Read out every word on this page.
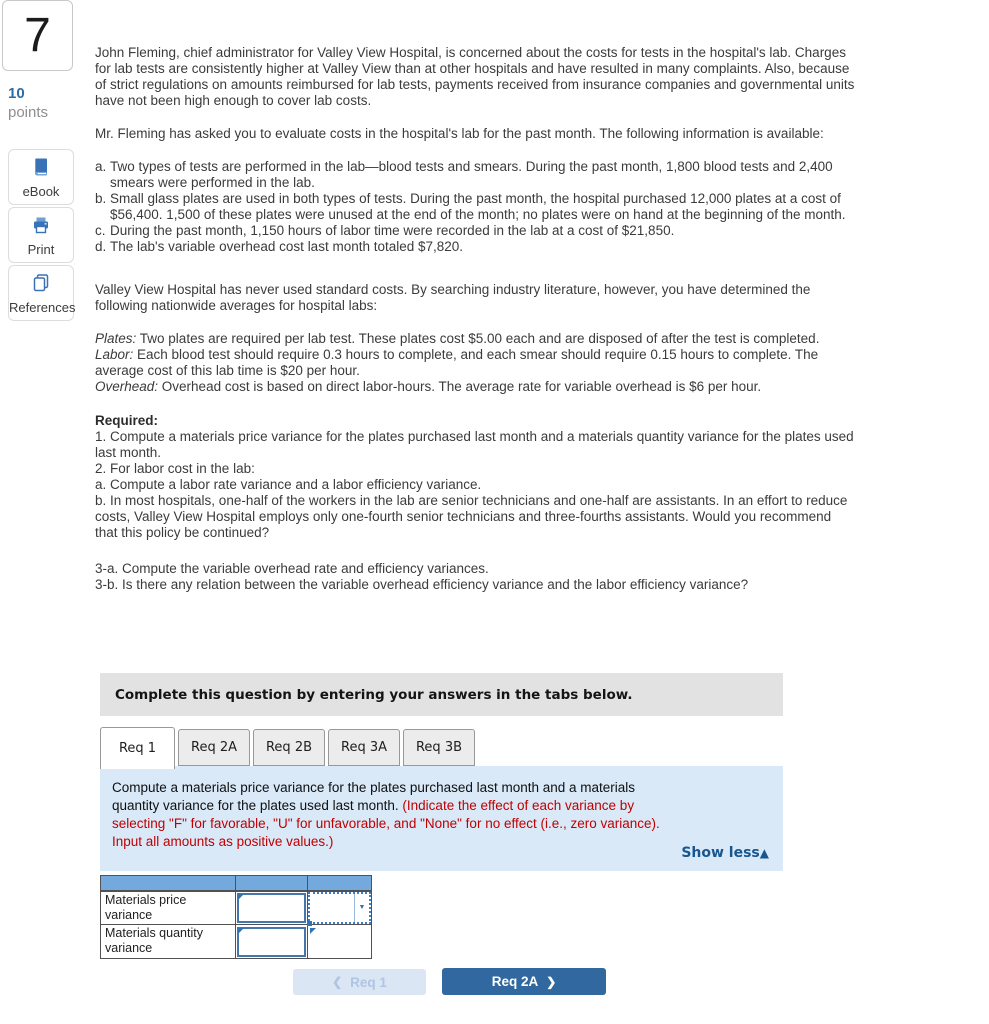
7
10
points
eBook
Print
References

John Fleming, chief administrator for Valley View Hospital, is concerned about the costs for tests in the hospital's lab. Charges for lab tests are consistently higher at Valley View than at other hospitals and have resulted in many complaints. Also, because of strict regulations on amounts reimbursed for lab tests, payments received from insurance companies and governmental units have not been high enough to cover lab costs.

Mr. Fleming has asked you to evaluate costs in the hospital's lab for the past month. The following information is available:

a. Two types of tests are performed in the lab—blood tests and smears. During the past month, 1,800 blood tests and 2,400 smears were performed in the lab.
b. Small glass plates are used in both types of tests. During the past month, the hospital purchased 12,000 plates at a cost of $56,400. 1,500 of these plates were unused at the end of the month; no plates were on hand at the beginning of the month.
c. During the past month, 1,150 hours of labor time were recorded in the lab at a cost of $21,850.
d. The lab's variable overhead cost last month totaled $7,820.

Valley View Hospital has never used standard costs. By searching industry literature, however, you have determined the following nationwide averages for hospital labs:

Plates: Two plates are required per lab test. These plates cost $5.00 each and are disposed of after the test is completed.
Labor: Each blood test should require 0.3 hours to complete, and each smear should require 0.15 hours to complete. The average cost of this lab time is $20 per hour.
Overhead: Overhead cost is based on direct labor-hours. The average rate for variable overhead is $6 per hour.
Required:
1. Compute a materials price variance for the plates purchased last month and a materials quantity variance for the plates used last month.
2. For labor cost in the lab:
a. Compute a labor rate variance and a labor efficiency variance.
b. In most hospitals, one-half of the workers in the lab are senior technicians and one-half are assistants. In an effort to reduce costs, Valley View Hospital employs only one-fourth senior technicians and three-fourths assistants. Would you recommend that this policy be continued?
3-a. Compute the variable overhead rate and efficiency variances.
3-b. Is there any relation between the variable overhead efficiency variance and the labor efficiency variance?
Complete this question by entering your answers in the tabs below.
Req 1	Req 2A Req 2B Req 3A Req 3B
Compute a materials price variance for the plates purchased last month and a materials quantity variance for the plates used last month. (Indicate the effect of each variance by selecting "F" for favorable, "U" for unfavorable, and "None" for no effect (i.e., zero variance). Input all amounts as positive values.)
Show less▲

Materials price variance		▼

Materials quantity variance	

❮ Req 1	Req 2A ❯
